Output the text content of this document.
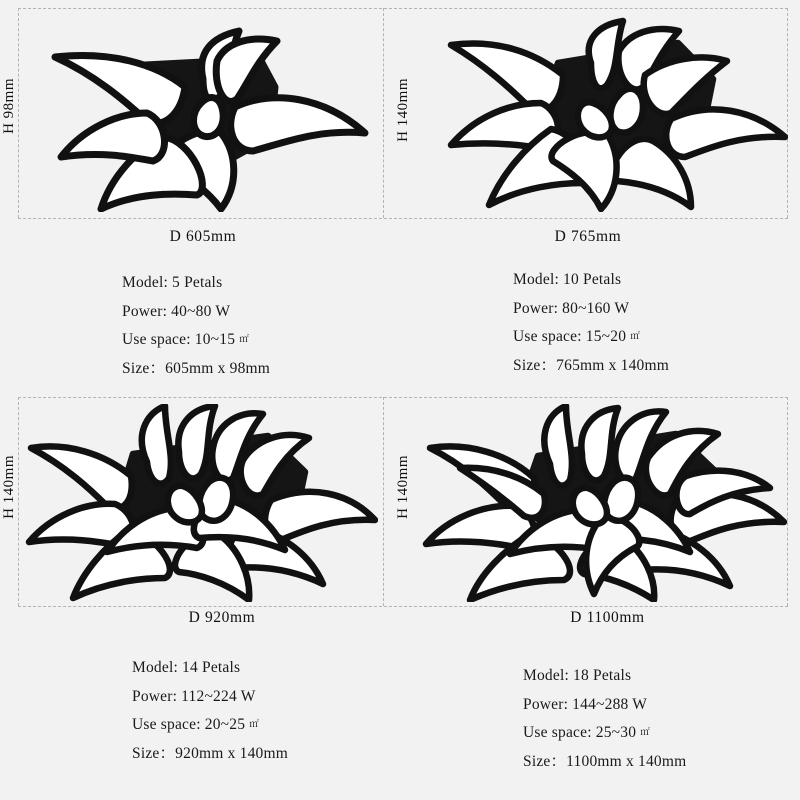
H 98mm
D 605mm
Model: 5 Petals
Power: 40~80 W
Use space: 10~15 ㎡
Size：605mm x 98mm
H 140mm
D 765mm
Model: 10 Petals
Power: 80~160 W
Use space: 15~20 ㎡
Size：765mm x 140mm
H 140mm
D 920mm
Model: 14 Petals
Power: 112~224 W
Use space: 20~25 ㎡
Size：920mm x 140mm
H 140mm
D 1100mm
Model: 18 Petals
Power: 144~288 W
Use space: 25~30 ㎡
Size：1100mm x 140mm
